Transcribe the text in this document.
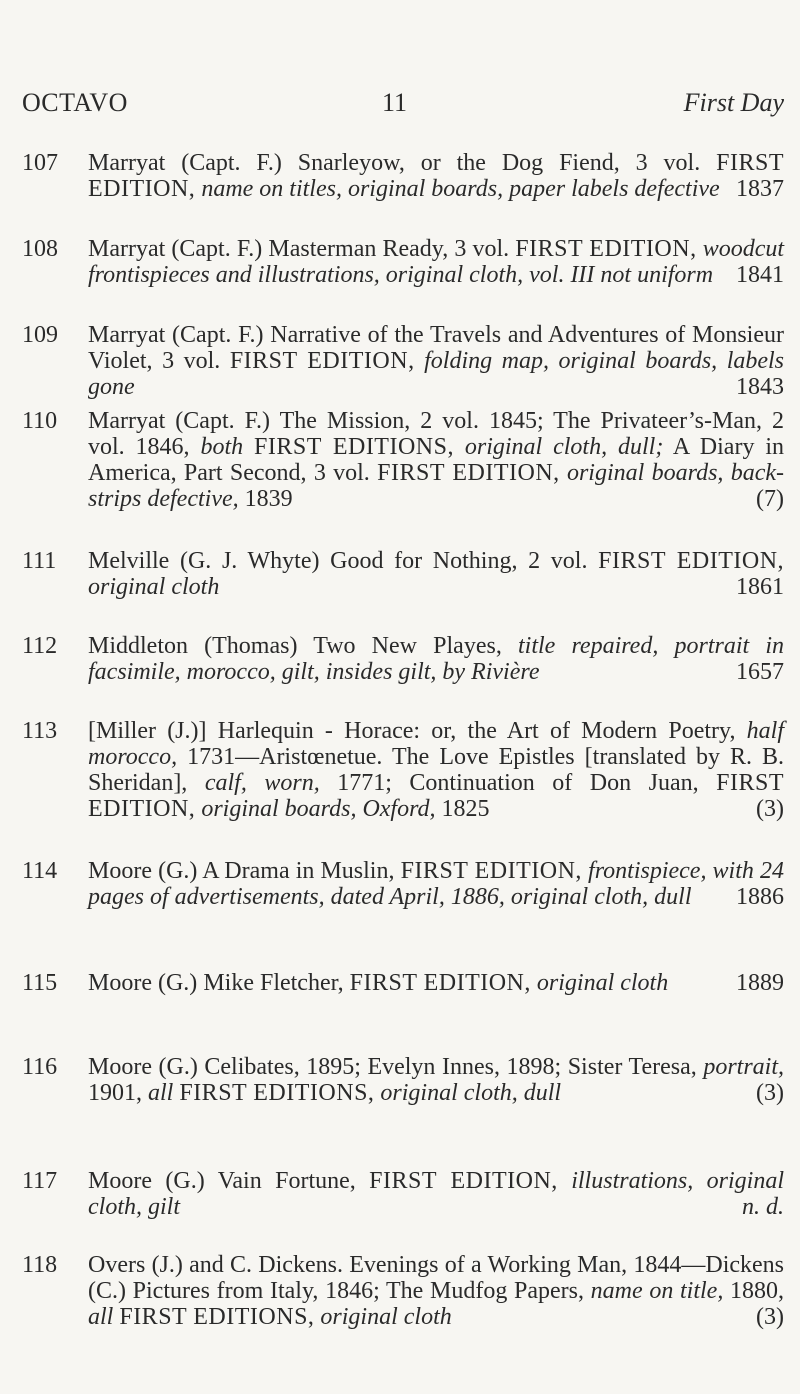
OCTAVO	11	First Day
107	Marryat (Capt. F.) Snarleyow, or the Dog Fiend, 3 vol. FIRST EDITION, name on titles, original boards, paper labels defective 1837
108	Marryat (Capt. F.) Masterman Ready, 3 vol. FIRST EDITION, woodcut frontispieces and illustrations, original cloth, vol. III not uniform 1841
109	Marryat (Capt. F.) Narrative of the Travels and Adventures of Monsieur Violet, 3 vol. FIRST EDITION, folding map, original boards, labels gone	1843
110	Marryat (Capt. F.) The Mission, 2 vol. 1845; The Privateer’s-Man, 2 vol. 1846, both FIRST EDITIONS, original cloth, dull; A Diary in America, Part Second, 3 vol. FIRST EDITION, original boards, back-strips defective, 1839	(7)
111	Melville (G. J. Whyte) Good for Nothing, 2 vol. FIRST EDITION, original cloth	1861
112	Middleton (Thomas) Two New Playes, title repaired, portrait in facsimile, morocco, gilt, insides gilt, by Rivière	1657
113	[Miller (J.)] Harlequin - Horace: or, the Art of Modern Poetry, half morocco, 1731—Aristœnetue. The Love Epistles [translated by R. B. Sheridan], calf, worn, 1771; Continuation of Don Juan, FIRST EDITION, original boards, Oxford, 1825	(3)
114	Moore (G.) A Drama in Muslin, FIRST EDITION, frontispiece, with 24 pages of advertisements, dated April, 1886, original cloth, dull	1886
115	Moore (G.) Mike Fletcher, FIRST EDITION, original cloth	1889
116	Moore (G.) Celibates, 1895; Evelyn Innes, 1898; Sister Teresa, portrait, 1901, all FIRST EDITIONS, original cloth, dull	(3)
117	Moore (G.) Vain Fortune, FIRST EDITION, illustrations, original cloth, gilt	n. d.
118	Overs (J.) and C. Dickens. Evenings of a Working Man, 1844—Dickens (C.) Pictures from Italy, 1846; The Mudfog Papers, name on title, 1880, all FIRST EDITIONS, original cloth	(3)
